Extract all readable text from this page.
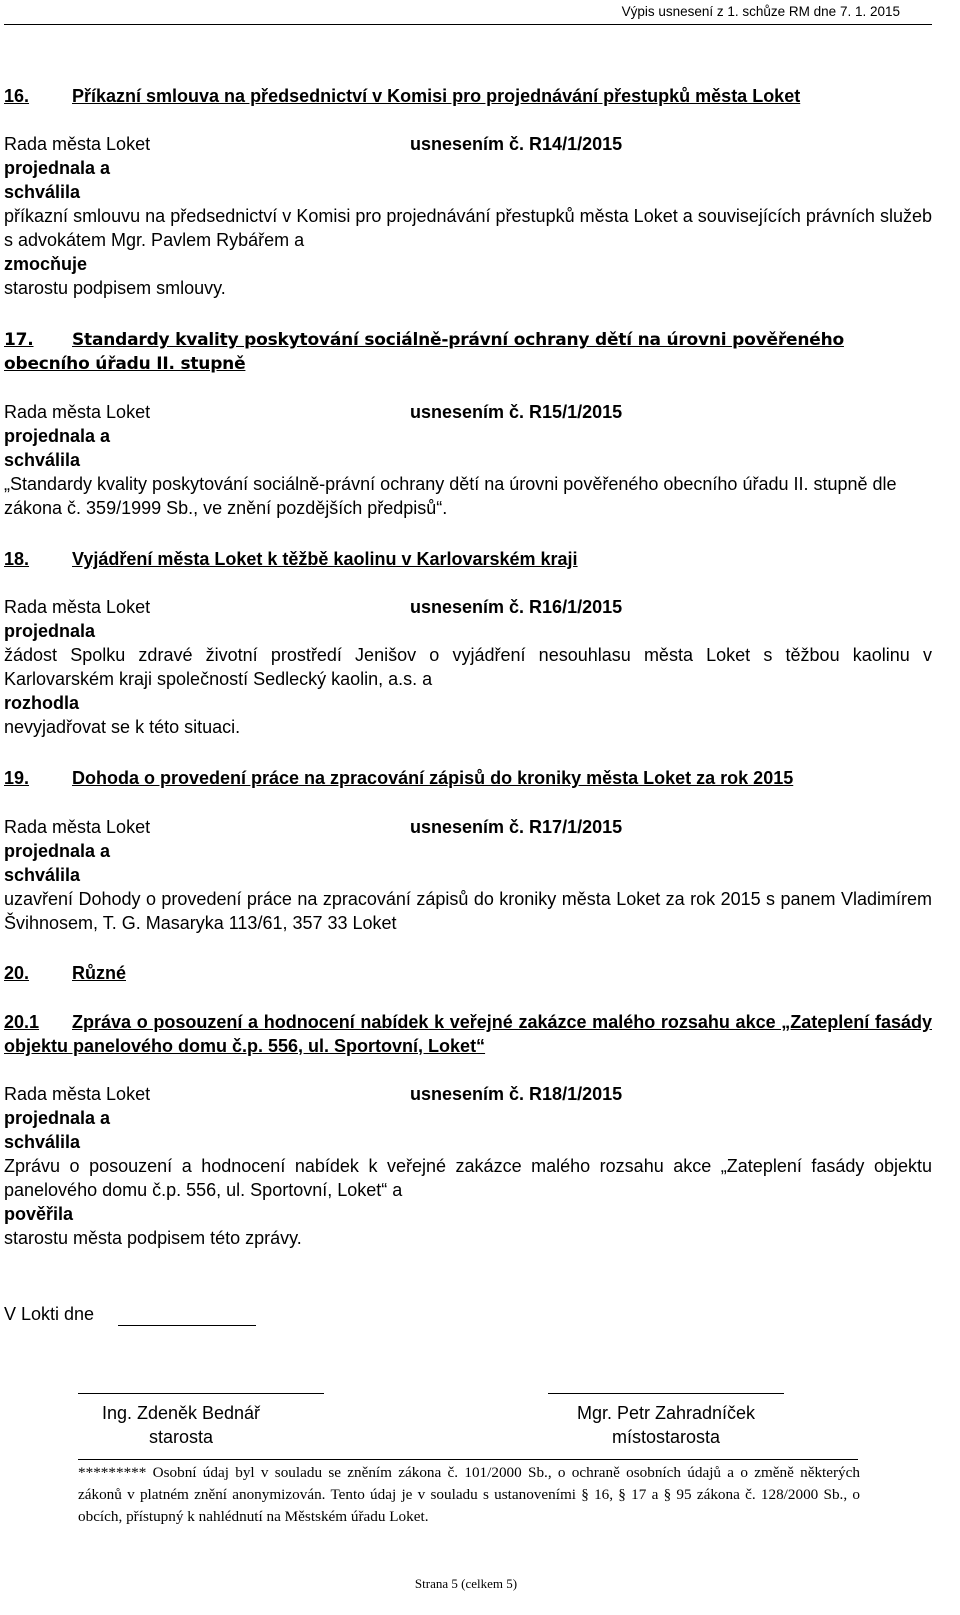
Výpis usnesení z 1. schůze RM dne 7. 1. 2015
16.	Příkazní smlouva na předsednictví v Komisi pro projednávání přestupků města Loket
Rada města Loket	usnesením č. R14/1/2015

projednala a

schválila

příkazní smlouvu na předsednictví v Komisi pro projednávání přestupků města Loket a souvisejících právních služeb s advokátem Mgr. Pavlem Rybářem a

zmocňuje

starostu podpisem smlouvy.

17. Standardy kvality poskytování sociálně-právní ochrany dětí na úrovni pověřeného obecního úřadu II. stupně
Rada města Loket	usnesením č. R15/1/2015

projednala a

schválila

„Standardy kvality poskytování sociálně-právní ochrany dětí na úrovni pověřeného obecního úřadu II. stupně dle zákona č. 359/1999 Sb., ve znění pozdějších předpisů“.

18.	Vyjádření města Loket k těžbě kaolinu v Karlovarském kraji
Rada města Loket	usnesením č. R16/1/2015

projednala

žádost Spolku zdravé životní prostředí Jenišov o vyjádření nesouhlasu města Loket s těžbou kaolinu v Karlovarském kraji společností Sedlecký kaolin, a.s. a

rozhodla

nevyjadřovat se k této situaci.

19.	Dohoda o provedení práce na zpracování zápisů do kroniky města Loket za rok 2015
Rada města Loket	usnesením č. R17/1/2015

projednala a

schválila

uzavření Dohody o provedení práce na zpracování zápisů do kroniky města Loket za rok 2015 s panem Vladimírem Švihnosem, T. G. Masaryka 113/61, 357 33 Loket

20.	Různé
20.1 Zpráva o posouzení a hodnocení nabídek k veřejné zakázce malého rozsahu akce „Zateplení fasády objektu panelového domu č.p. 556, ul. Sportovní, Loket“
Rada města Loket	usnesením č. R18/1/2015

projednala a

schválila

Zprávu o posouzení a hodnocení nabídek k veřejné zakázce malého rozsahu akce „Zateplení fasády objektu panelového domu č.p. 556, ul. Sportovní, Loket“ a

pověřila

starostu města podpisem této zprávy.

V Lokti dne
Ing. Zdeněk Bednář
starosta
Mgr. Petr Zahradníček
místostarosta
********* Osobní údaj byl v souladu se zněním zákona č. 101/2000 Sb., o ochraně osobních údajů a o změně některých zákonů v platném znění anonymizován. Tento údaj je v souladu s ustanoveními § 16, § 17 a § 95 zákona č. 128/2000 Sb., o obcích, přístupný k nahlédnutí na Městském úřadu Loket.
Strana 5 (celkem 5)
